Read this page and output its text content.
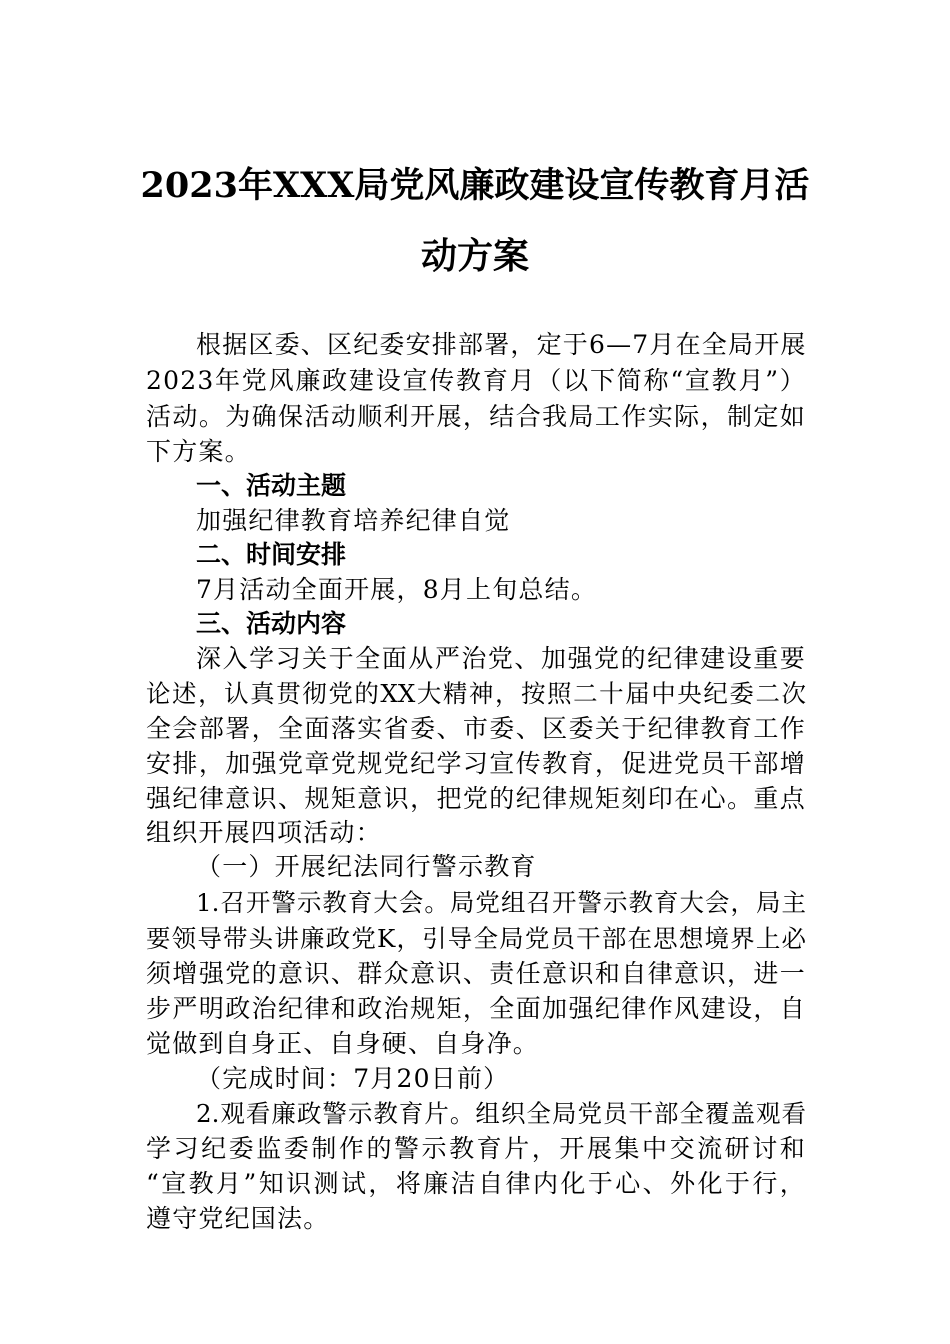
2023年XXX局党风廉政建设宣传教育月活
动方案
根据区委、区纪委安排部署，定于6—7月在全局开展
2023年党风廉政建设宣传教育月（以下简称“宣教月”）
活动。为确保活动顺利开展，结合我局工作实际，制定如
下方案。
一、活动主题
加强纪律教育培养纪律自觉
二、时间安排
7月活动全面开展，8月上旬总结。
三、活动内容
深入学习关于全面从严治党、加强党的纪律建设重要
论述，认真贯彻党的XX大精神，按照二十届中央纪委二次
全会部署，全面落实省委、市委、区委关于纪律教育工作
安排，加强党章党规党纪学习宣传教育，促进党员干部增
强纪律意识、规矩意识，把党的纪律规矩刻印在心。重点
组织开展四项活动：
（一）开展纪法同行警示教育
1.召开警示教育大会。局党组召开警示教育大会，局主
要领导带头讲廉政党K，引导全局党员干部在思想境界上必
须增强党的意识、群众意识、责任意识和自律意识，进一
步严明政治纪律和政治规矩，全面加强纪律作风建设，自
觉做到自身正、自身硬、自身净。
（完成时间：7月20日前）
2.观看廉政警示教育片。组织全局党员干部全覆盖观看
学习纪委监委制作的警示教育片，开展集中交流研讨和
“宣教月”知识测试，将廉洁自律内化于心、外化于行，
遵守党纪国法。
